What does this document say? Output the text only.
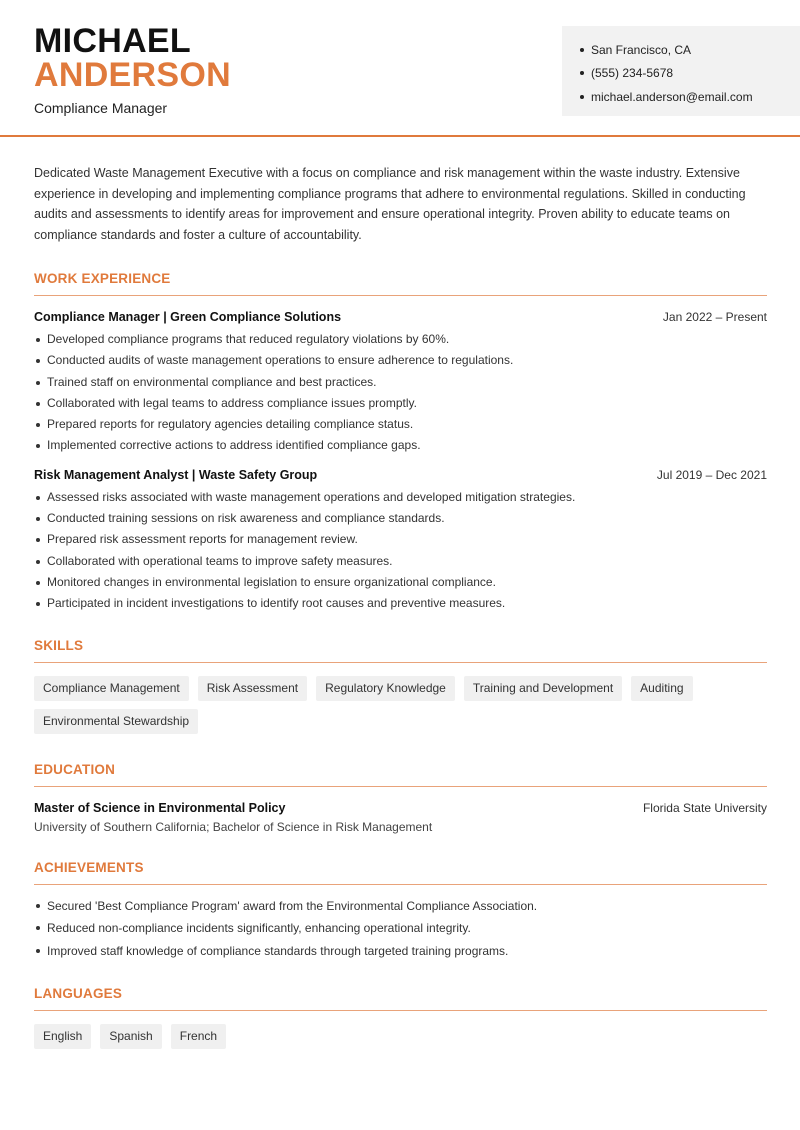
MICHAEL
ANDERSON
Compliance Manager
San Francisco, CA
(555) 234-5678
michael.anderson@email.com

Dedicated Waste Management Executive with a focus on compliance and risk management within the waste industry. Extensive experience in developing and implementing compliance programs that adhere to environmental regulations. Skilled in conducting audits and assessments to identify areas for improvement and ensure operational integrity. Proven ability to educate teams on compliance standards and foster a culture of accountability.

WORK EXPERIENCE
Compliance Manager | Green Compliance Solutions	Jan 2022 – Present
Developed compliance programs that reduced regulatory violations by 60%.
Conducted audits of waste management operations to ensure adherence to regulations.
Trained staff on environmental compliance and best practices.
Collaborated with legal teams to address compliance issues promptly.
Prepared reports for regulatory agencies detailing compliance status.
Implemented corrective actions to address identified compliance gaps.
Risk Management Analyst | Waste Safety Group	Jul 2019 – Dec 2021
Assessed risks associated with waste management operations and developed mitigation strategies.
Conducted training sessions on risk awareness and compliance standards.
Prepared risk assessment reports for management review.
Collaborated with operational teams to improve safety measures.
Monitored changes in environmental legislation to ensure organizational compliance.
Participated in incident investigations to identify root causes and preventive measures.
SKILLS
Compliance Management	Risk Assessment	Regulatory Knowledge	Training and Development	Auditing
Environmental Stewardship
EDUCATION
Master of Science in Environmental Policy	Florida State University
University of Southern California; Bachelor of Science in Risk Management
ACHIEVEMENTS
Secured 'Best Compliance Program' award from the Environmental Compliance Association.
Reduced non-compliance incidents significantly, enhancing operational integrity.
Improved staff knowledge of compliance standards through targeted training programs.
LANGUAGES
English	Spanish	French
